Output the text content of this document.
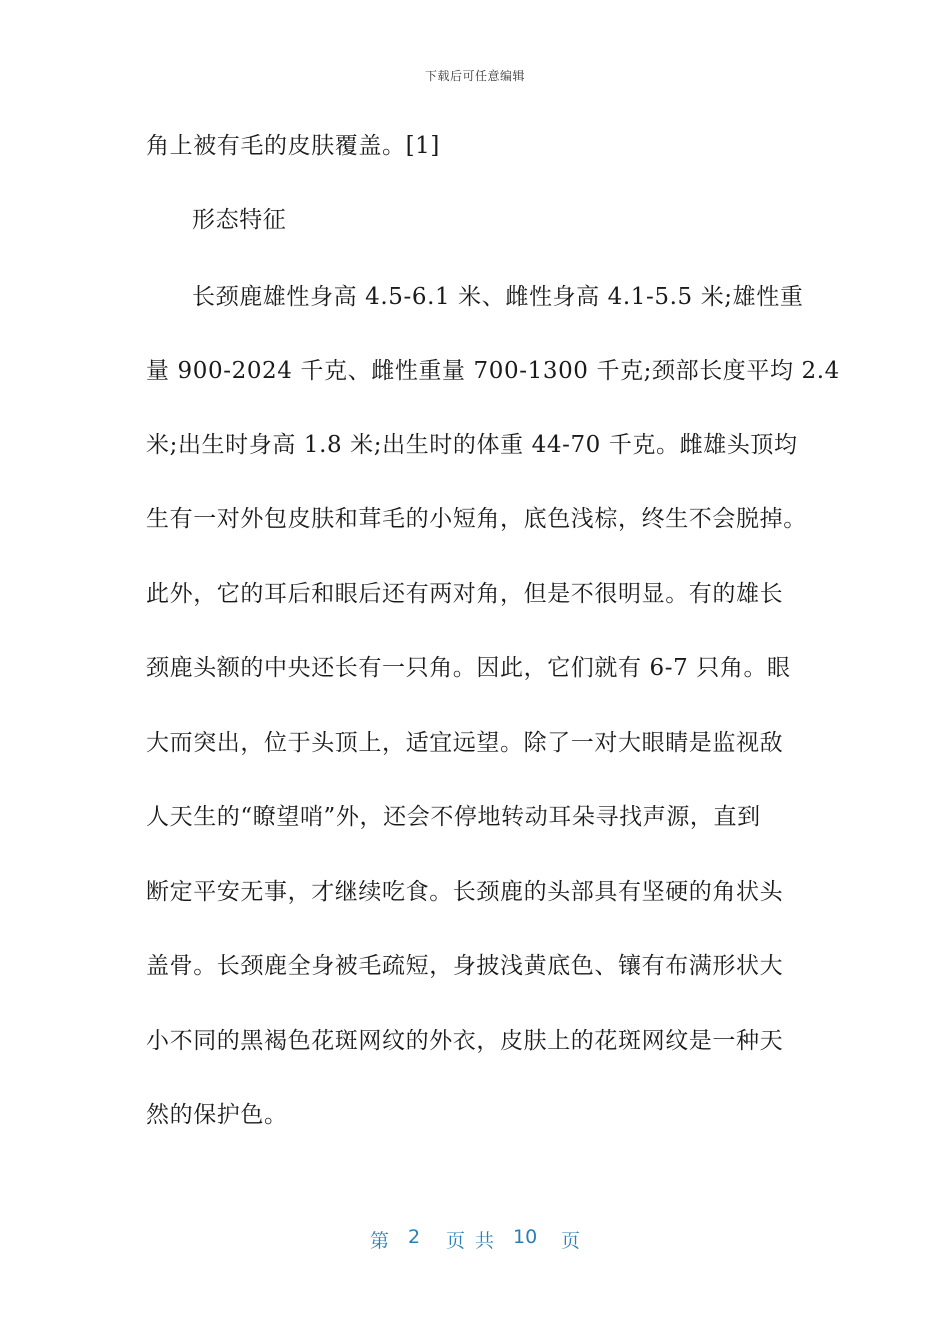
下载后可任意编辑
角上被有毛的皮肤覆盖。[1]
形态特征
长颈鹿雄性身高 4.5-6.1 米、雌性身高 4.1-5.5 米;雄性重
量 900-2024 千克、雌性重量 700-1300 千克;颈部长度平均 2.4
米;出生时身高 1.8 米;出生时的体重 44-70 千克。雌雄头顶均
生有一对外包皮肤和茸毛的小短角，底色浅棕，终生不会脱掉。
此外，它的耳后和眼后还有两对角，但是不很明显。有的雄长
颈鹿头额的中央还长有一只角。因此，它们就有 6-7 只角。眼
大而突出，位于头顶上，适宜远望。除了一对大眼睛是监视敌
人天生的“瞭望哨”外，还会不停地转动耳朵寻找声源，直到
断定平安无事，才继续吃食。长颈鹿的头部具有坚硬的角状头
盖骨。长颈鹿全身被毛疏短，身披浅黄底色、镶有布满形状大
小不同的黑褐色花斑网纹的外衣，皮肤上的花斑网纹是一种天
然的保护色。
第 2 页 共 10 页
